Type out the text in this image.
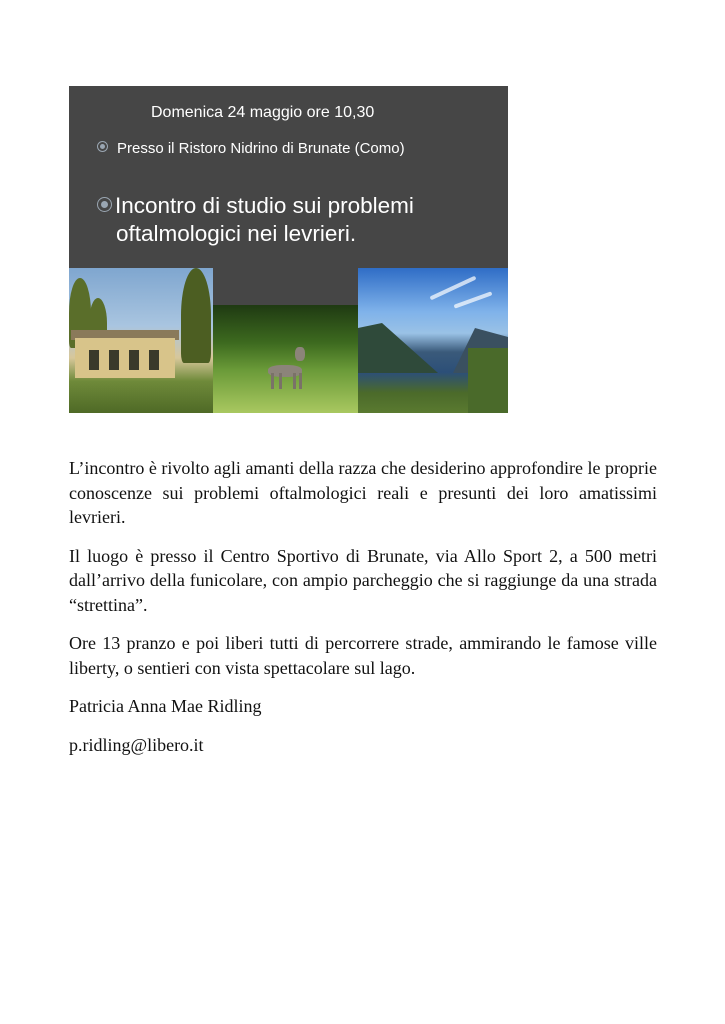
Domenica 24 maggio ore 10,30
Presso il Ristoro Nidrino di Brunate (Como)
Incontro di studio sui problemi
oftalmologici nei levrieri.

L’incontro è rivolto agli amanti della razza che desiderino approfondire le proprie conoscenze sui problemi oftalmologici reali e presunti dei loro amatissimi levrieri.

Il luogo è presso il Centro Sportivo di Brunate, via Allo Sport 2, a 500 metri dall’arrivo della funicolare, con ampio parcheggio che si raggiunge da una strada “strettina”.

Ore 13 pranzo e poi liberi tutti di percorrere strade, ammirando le famose ville liberty, o sentieri con vista spettacolare sul lago.

Patricia Anna Mae Ridling

p.ridling@libero.it
